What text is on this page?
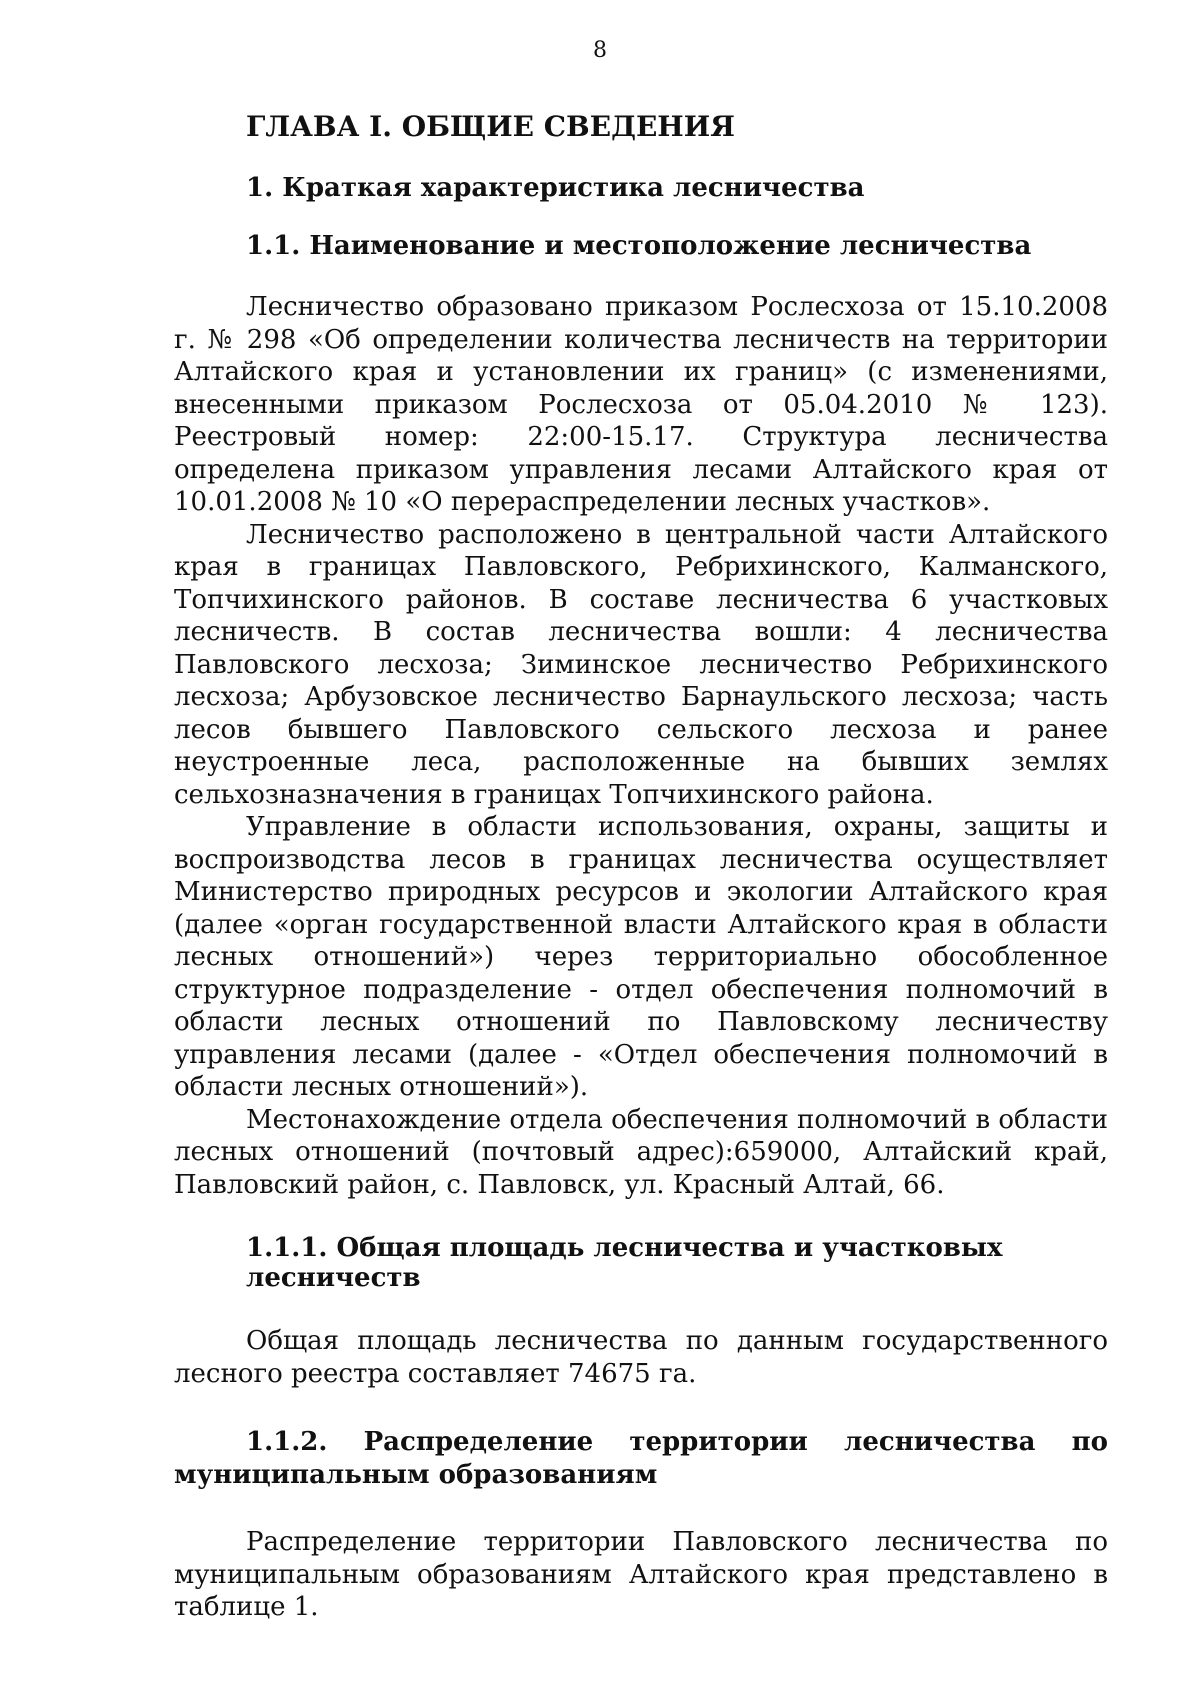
8
ГЛАВА I. ОБЩИЕ СВЕДЕНИЯ
1. Краткая характеристика лесничества
1.1. Наименование и местоположение лесничества

Лесничество образовано приказом Рослесхоза от 15.10.2008 г. № 298 «Об определении количества лесничеств на территории Алтайского края и установлении их границ» (с изменениями, внесенными приказом Рослесхоза от 05.04.2010 № 123). Реестровый номер: 22:00-15.17. Структура лесничества определена приказом управления лесами Алтайского края от 10.01.2008 № 10 «О перераспределении лесных участков».

Лесничество расположено в центральной части Алтайского края в границах Павловского, Ребрихинского, Калманского, Топчихинского районов. В составе лесничества 6 участковых лесничеств. В состав лесничества вошли: 4 лесничества Павловского лесхоза; Зиминское лесничество Ребрихинского лесхоза; Арбузовское лесничество Барнаульского лесхоза; часть лесов бывшего Павловского сельского лесхоза и ранее неустроенные леса, расположенные на бывших землях сельхозназначения в границах Топчихинского района.

Управление в области использования, охраны, защиты и воспроизводства лесов в границах лесничества осуществляет Министерство природных ресурсов и экологии Алтайского края (далее «орган государственной власти Алтайского края в области лесных отношений») через территориально обособленное структурное подразделение - отдел обеспечения полномочий в области лесных отношений по Павловскому лесничеству управления лесами (далее - «Отдел обеспечения полномочий в области лесных отношений»).

Местонахождение отдела обеспечения полномочий в области лесных отношений (почтовый адрес):659000, Алтайский край, Павловский район, с. Павловск, ул. Красный Алтай, 66.

1.1.1. Общая площадь лесничества и участковых лесничеств

Общая площадь лесничества по данным государственного лесного реестра составляет 74675 га.

1.1.2. Распределение территории лесничества по муниципальным образованиям

Распределение территории Павловского лесничества по муниципальным образованиям Алтайского края представлено в таблице 1.
